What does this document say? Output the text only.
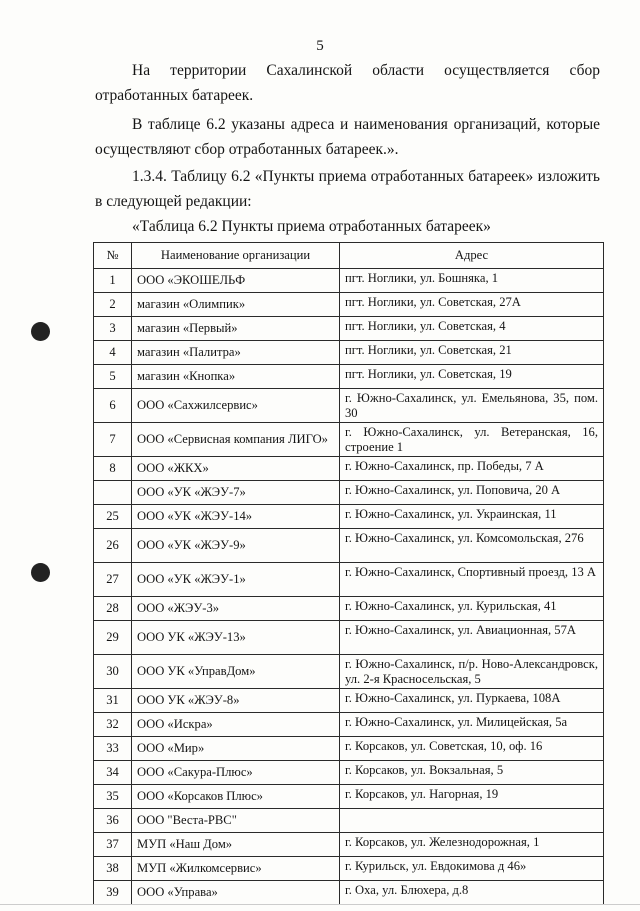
5
На территории Сахалинской области осуществляется сбор
отработанных батареек.
В таблице 6.2 указаны адреса и наименования организаций, которые осуществляют сбор отработанных батареек.».
1.3.4. Таблицу 6.2 «Пункты приема отработанных батареек» изложить в следующей редакции:
«Таблица 6.2 Пункты приема отработанных батареек»
№	Наименование организации	Адрес
1	ООО «ЭКОШЕЛЬФ	пгт. Ноглики, ул. Бошняка, 1
2	магазин «Олимпик»	пгт. Ноглики, ул. Советская, 27А
3	магазин «Первый»	пгт. Ноглики, ул. Советская, 4
4	магазин «Палитра»	пгт. Ноглики, ул. Советская, 21
5	магазин «Кнопка»	пгт. Ноглики, ул. Советская, 19
6	ООО «Сахжилсервис»	г. Южно-Сахалинск, ул. Емельянова, 35, пом. 30
7	ООО «Сервисная компания ЛИГО»	г. Южно-Сахалинск, ул. Ветеранская, 16, строение 1
8	ООО «ЖКХ»	г. Южно-Сахалинск, пр. Победы, 7 А
	ООО «УК «ЖЭУ-7»	г. Южно-Сахалинск, ул. Поповича, 20 А
25	ООО «УК «ЖЭУ-14»	г. Южно-Сахалинск, ул. Украинская, 11
26	ООО «УК «ЖЭУ-9»	г. Южно-Сахалинск, ул. Комсомольская, 276
27	ООО «УК «ЖЭУ-1»	г. Южно-Сахалинск, Спортивный проезд, 13 А
28	ООО «ЖЭУ-3»	г. Южно-Сахалинск, ул. Курильская, 41
29	ООО УК «ЖЭУ-13»	г. Южно-Сахалинск, ул. Авиационная, 57А
30	ООО УК «УправДом»	г. Южно-Сахалинск, п/р. Ново-Александровск, ул. 2-я Красносельская, 5
31	ООО УК «ЖЭУ-8»	г. Южно-Сахалинск, ул. Пуркаева, 108А
32	ООО «Искра»	г. Южно-Сахалинск, ул. Милицейская, 5а
33	ООО «Мир»	г. Корсаков, ул. Советская, 10, оф. 16
34	ООО «Сакура-Плюс»	г. Корсаков, ул. Вокзальная, 5
35	ООО «Корсаков Плюс»	г. Корсаков, ул. Нагорная, 19
36	ООО "Веста-РВС"	
37	МУП «Наш Дом»	г. Корсаков, ул. Железнодорожная, 1
38	МУП «Жилкомсервис»	г. Курильск, ул. Евдокимова д 46»
39	ООО «Управа»	г. Оха, ул. Блюхера, д.8
